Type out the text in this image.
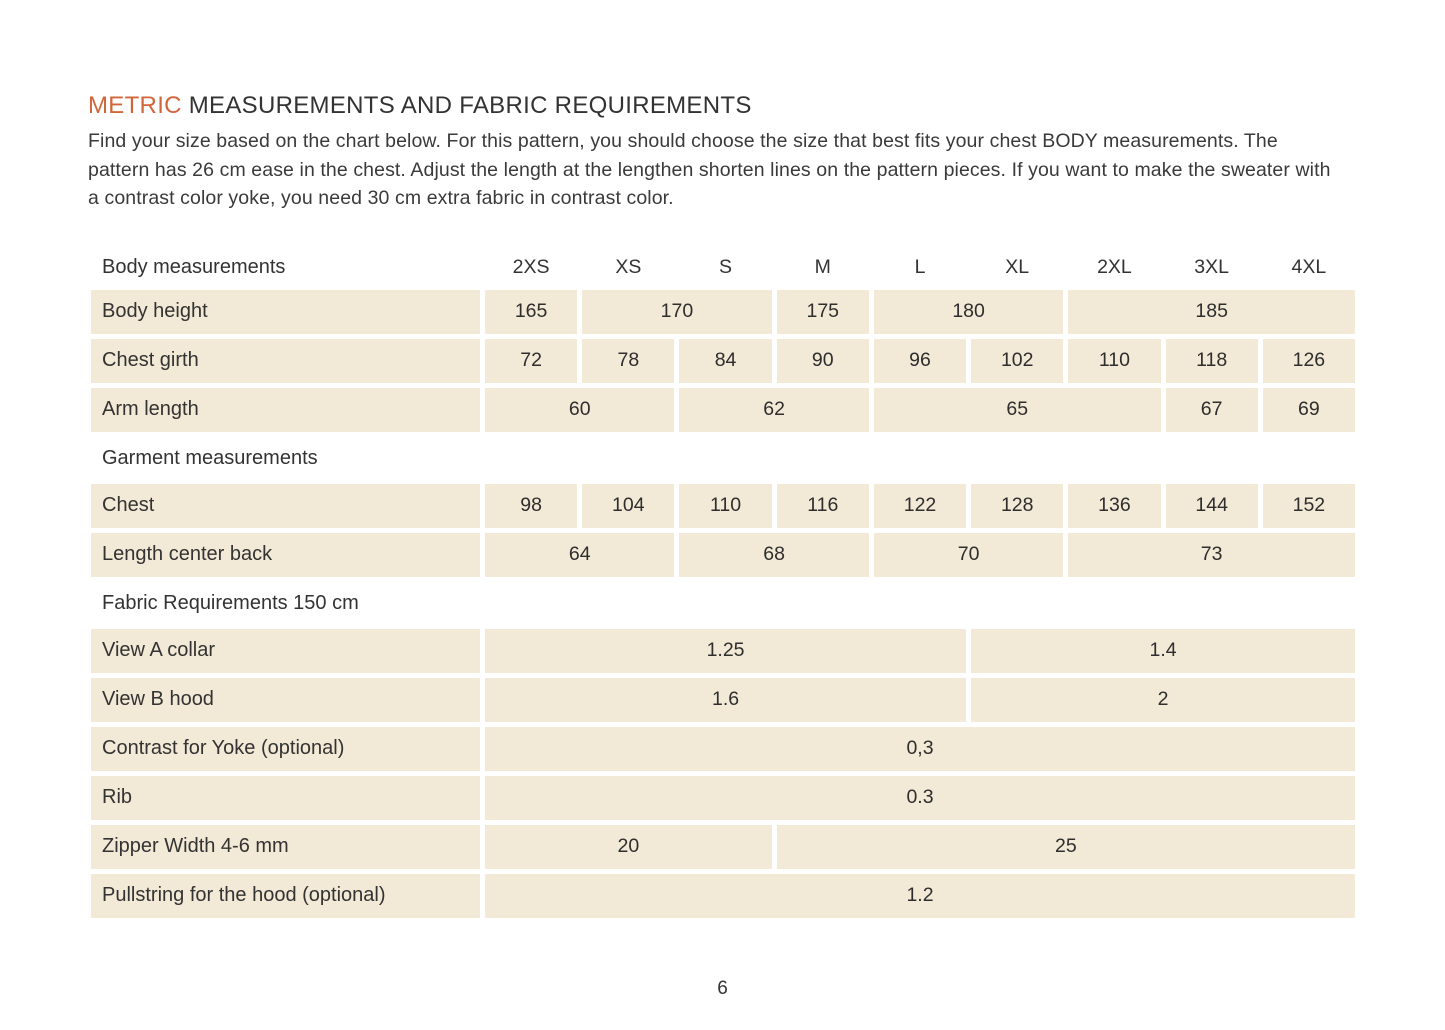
METRIC MEASUREMENTS AND FABRIC REQUIREMENTS

Find your size based on the chart below. For this pattern, you should choose the size that best fits your chest BODY measurements. The pattern has 26 cm ease in the chest. Adjust the length at the lengthen shorten lines on the pattern pieces. If you want to make the sweater with a contrast color yoke, you need 30 cm extra fabric in contrast color.

Body measurements	2XS	XS	S	M	L	XL	2XL	3XL	4XL
Body height	165	170	175	180	185
Chest girth	72	78	84	90	96	102	110	118	126
Arm length	60	62	65	67	69
Garment measurements
Chest	98	104	110	116	122	128	136	144	152
Length center back	64	68	70	73
Fabric Requirements 150 cm
View A collar	1.25	1.4
View B hood	1.6	2
Contrast for Yoke (optional)	0,3
Rib	0.3
Zipper Width 4-6 mm	20	25
Pullstring for the hood (optional)	1.2
6
